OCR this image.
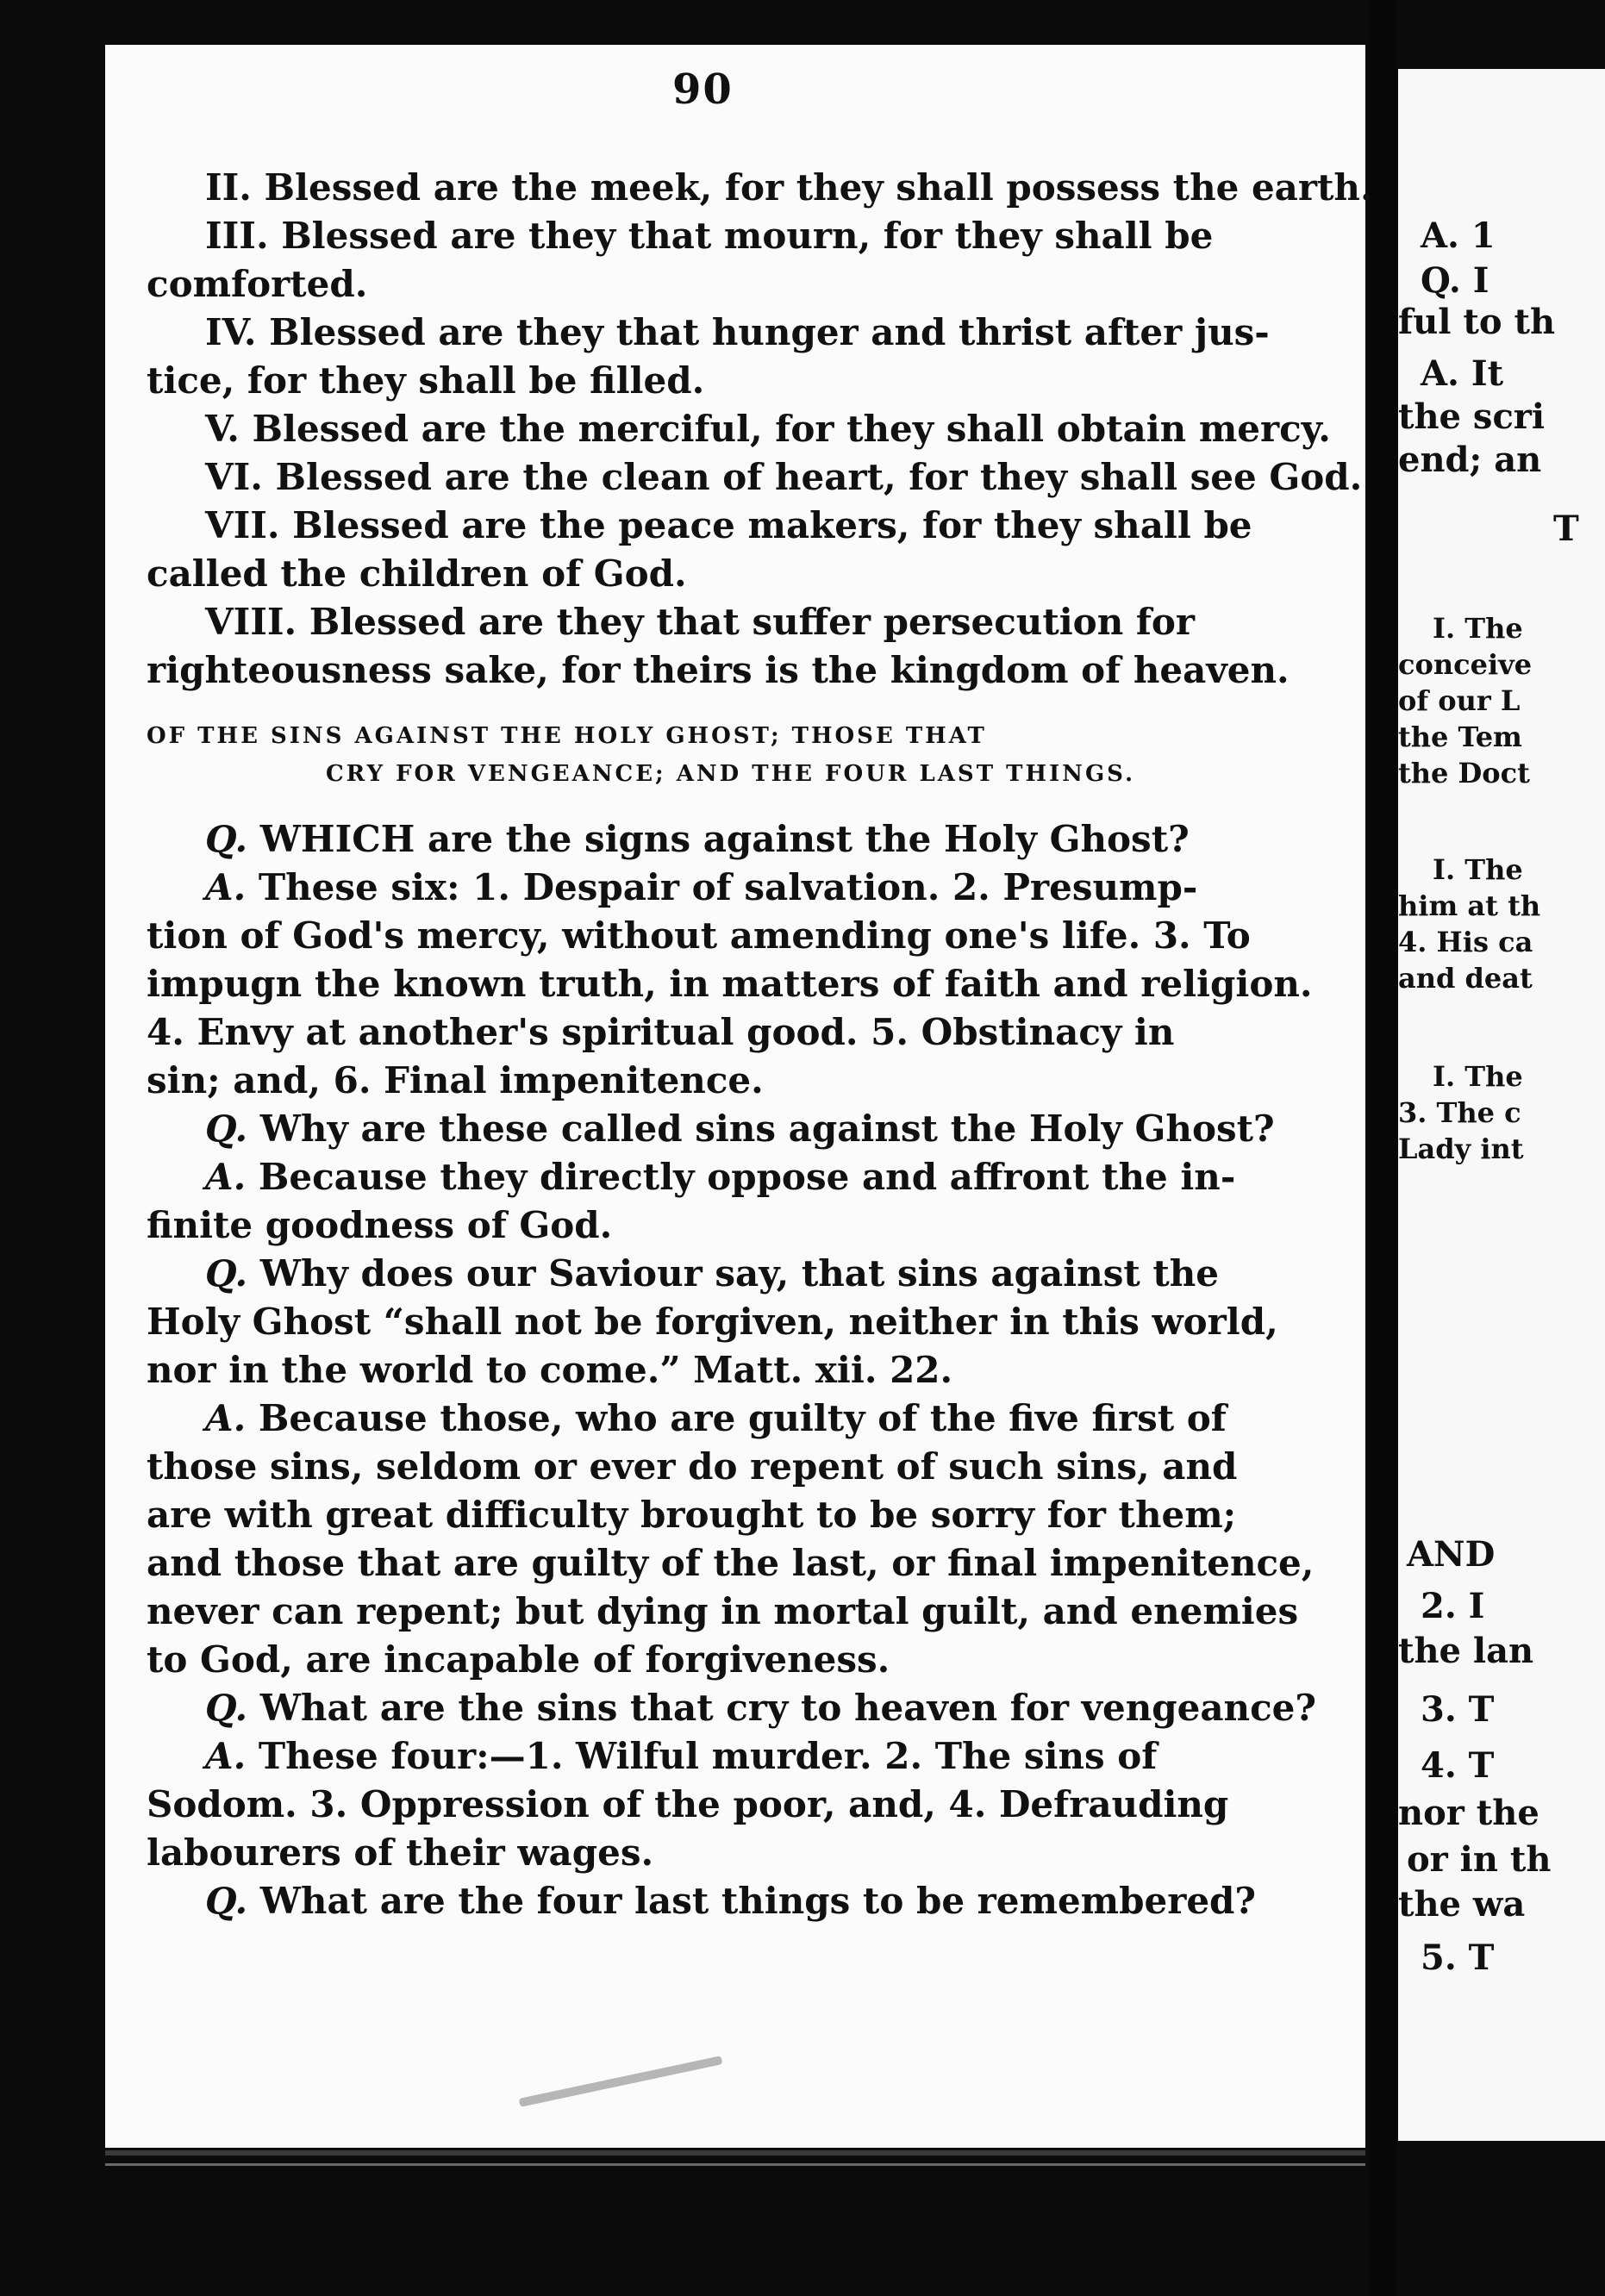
90
II. Blessed are the meek, for they shall possess the earth.
III. Blessed are they that mourn, for they shall be
comforted.
IV. Blessed are they that hunger and thrist after jus-
tice, for they shall be filled.
V. Blessed are the merciful, for they shall obtain mercy.
VI. Blessed are the clean of heart, for they shall see God.
VII. Blessed are the peace makers, for they shall be
called the children of God.
VIII. Blessed are they that suffer persecution for
righteousness sake, for theirs is the kingdom of heaven.
OF THE SINS AGAINST THE HOLY GHOST; THOSE THAT
CRY FOR VENGEANCE; AND THE FOUR LAST THINGS.
Q. WHICH are the signs against the Holy Ghost?
A. These six: 1. Despair of salvation. 2. Presump-
tion of God's mercy, without amending one's life. 3. To
impugn the known truth, in matters of faith and religion.
4. Envy at another's spiritual good. 5. Obstinacy in
sin; and, 6. Final impenitence.
Q. Why are these called sins against the Holy Ghost?
A. Because they directly oppose and affront the in-
finite goodness of God.
Q. Why does our Saviour say, that sins against the
Holy Ghost “shall not be forgiven, neither in this world,
nor in the world to come.” Matt. xii. 22.
A. Because those, who are guilty of the five first of
those sins, seldom or ever do repent of such sins, and
are with great difficulty brought to be sorry for them;
and those that are guilty of the last, or final impenitence,
never can repent; but dying in mortal guilt, and enemies
to God, are incapable of forgiveness.
Q. What are the sins that cry to heaven for vengeance?
A. These four:—1. Wilful murder. 2. The sins of
Sodom. 3. Oppression of the poor, and, 4. Defrauding
labourers of their wages.
Q. What are the four last things to be remembered?
A. 1
Q. I
ful to th
A. It
the scri
end; an
T
I. The
conceive
of our L
the Tem
the Doct
I. The
him at th
4. His ca
and deat
I. The
3. The c
Lady int
AND
2. I
the lan
3. T
4. T
nor the
or in th
the wa
5. T
